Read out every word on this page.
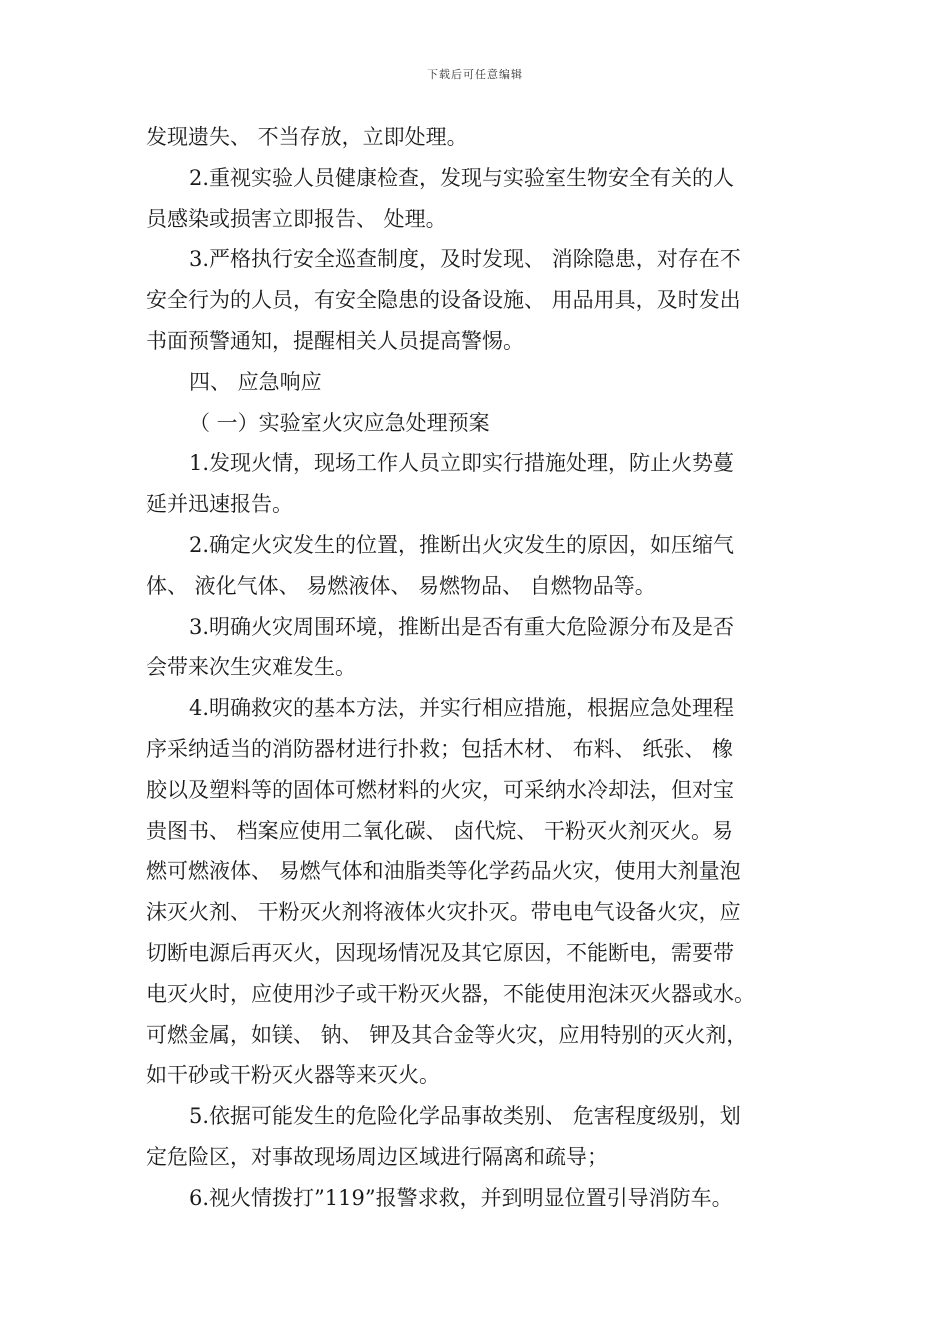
下载后可任意编辑
发现遗失、 不当存放，立即处理。
2.重视实验人员健康检查，发现与实验室生物安全有关的人
员感染或损害立即报告、 处理。
3.严格执行安全巡查制度，及时发现、 消除隐患，对存在不
安全行为的人员，有安全隐患的设备设施、 用品用具，及时发出
书面预警通知，提醒相关人员提高警惕。
四、 应急响应
（ 一）实验室火灾应急处理预案
1.发现火情，现场工作人员立即实行措施处理，防止火势蔓
延并迅速报告。
2.确定火灾发生的位置，推断出火灾发生的原因，如压缩气
体、 液化气体、 易燃液体、 易燃物品、 自燃物品等。
3.明确火灾周围环境，推断出是否有重大危险源分布及是否
会带来次生灾难发生。
4.明确救灾的基本方法，并实行相应措施，根据应急处理程
序采纳适当的消防器材进行扑救；包括木材、 布料、 纸张、 橡
胶以及塑料等的固体可燃材料的火灾，可采纳水冷却法，但对宝
贵图书、 档案应使用二氧化碳、 卤代烷、 干粉灭火剂灭火。易
燃可燃液体、 易燃气体和油脂类等化学药品火灾，使用大剂量泡
沫灭火剂、 干粉灭火剂将液体火灾扑灭。带电电气设备火灾，应
切断电源后再灭火，因现场情况及其它原因，不能断电，需要带
电灭火时，应使用沙子或干粉灭火器，不能使用泡沫灭火器或水。
可燃金属，如镁、 钠、 钾及其合金等火灾，应用特别的灭火剂，
如干砂或干粉灭火器等来灭火。
5.依据可能发生的危险化学品事故类别、 危害程度级别，划
定危险区，对事故现场周边区域进行隔离和疏导；
6.视火情拨打”119”报警求救，并到明显位置引导消防车。
